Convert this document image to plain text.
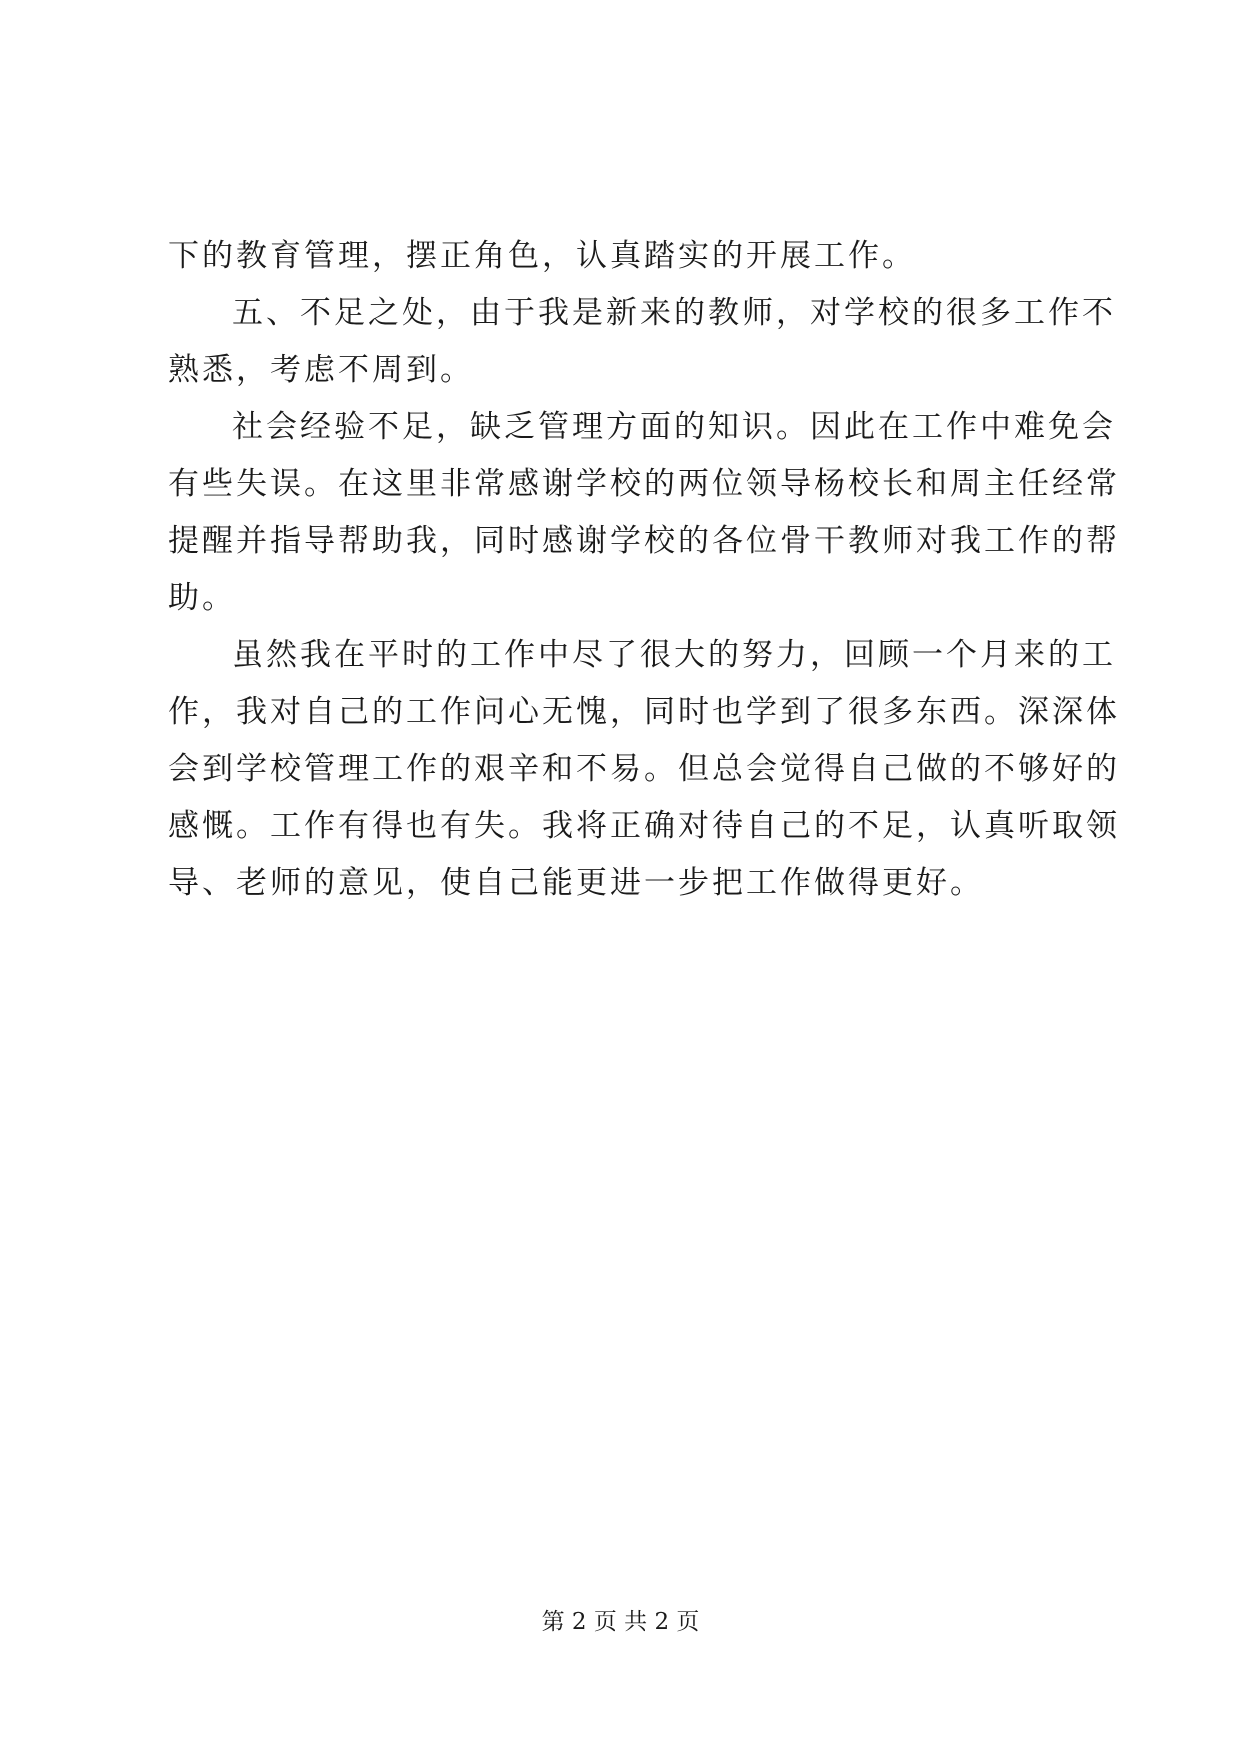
下的教育管理，摆正角色，认真踏实的开展工作。
五、不足之处，由于我是新来的教师，对学校的很多工作不
熟悉，考虑不周到。
社会经验不足，缺乏管理方面的知识。因此在工作中难免会
有些失误。在这里非常感谢学校的两位领导杨校长和周主任经常
提醒并指导帮助我，同时感谢学校的各位骨干教师对我工作的帮
助。
虽然我在平时的工作中尽了很大的努力，回顾一个月来的工
作，我对自己的工作问心无愧，同时也学到了很多东西。深深体
会到学校管理工作的艰辛和不易。但总会觉得自己做的不够好的
感慨。工作有得也有失。我将正确对待自己的不足，认真听取领
导、老师的意见，使自己能更进一步把工作做得更好。
第 2 页 共 2 页
